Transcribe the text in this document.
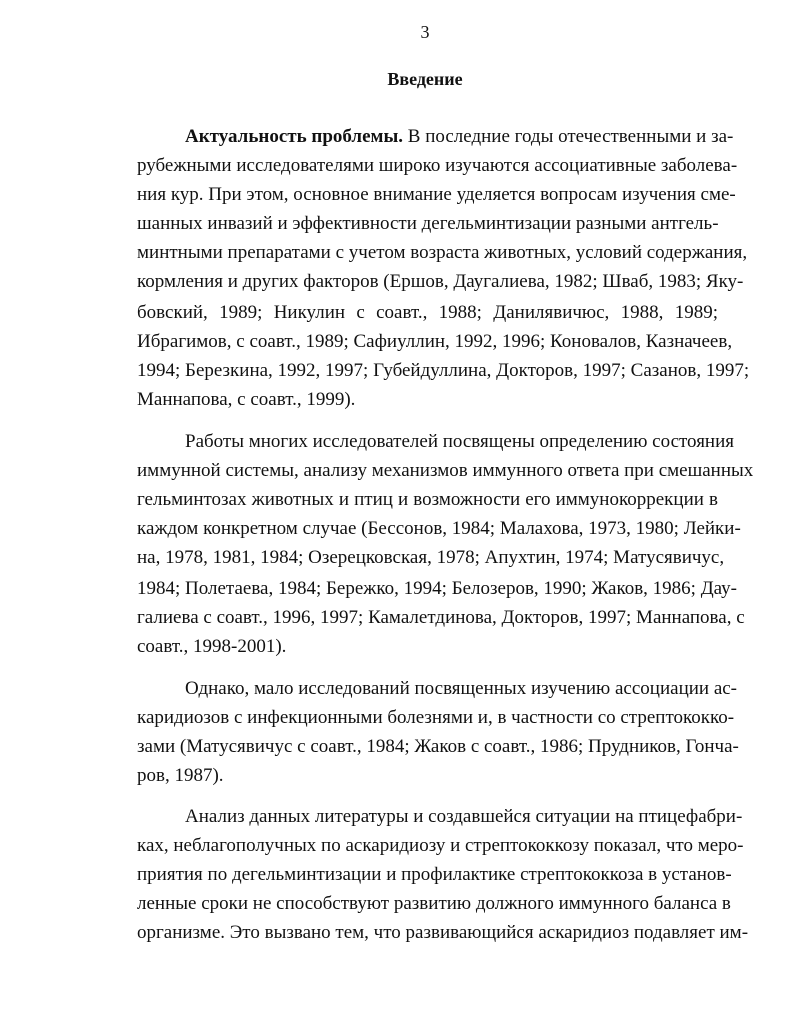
3
Введение
Актуальность проблемы. В последние годы отечественными и за-
рубежными исследователями широко изучаются ассоциативные заболева-
ния кур. При этом, основное внимание уделяется вопросам изучения сме-
шанных инвазий и эффективности дегельминтизации разными антгель-
минтными препаратами с учетом возраста животных, условий содержания,
кормления и других факторов (Ершов, Даугалиева, 1982; Шваб, 1983; Яку-
бовский, 1989; Никулин с соавт., 1988; Данилявичюс, 1988, 1989;
Ибрагимов, с соавт., 1989; Сафиуллин, 1992, 1996; Коновалов, Казначеев,
1994; Березкина, 1992, 1997; Губейдуллина, Докторов, 1997; Сазанов, 1997;
Маннапова, с соавт., 1999).
Работы многих исследователей посвящены определению состояния
иммунной системы, анализу механизмов иммунного ответа при смешанных
гельминтозах животных и птиц и возможности его иммунокоррекции в
каждом конкретном случае (Бессонов, 1984; Малахова, 1973, 1980; Лейки-
на, 1978, 1981, 1984; Озерецковская, 1978; Апухтин, 1974; Матусявичус,
1984; Полетаева, 1984; Бережко, 1994; Белозеров, 1990; Жаков, 1986; Дау-
галиева с соавт., 1996, 1997; Камалетдинова, Докторов, 1997; Маннапова, с
соавт., 1998-2001).
Однако, мало исследований посвященных изучению ассоциации ас-
каридиозов с инфекционными болезнями и, в частности со стрептококко-
зами (Матусявичус с соавт., 1984; Жаков с соавт., 1986; Прудников, Гонча-
ров, 1987).
Анализ данных литературы и создавшейся ситуации на птицефабри-
ках, неблагополучных по аскаридиозу и стрептококкозу показал, что меро-
приятия по дегельминтизации и профилактике стрептококкоза в установ-
ленные сроки не способствуют развитию должного иммунного баланса в
организме. Это вызвано тем, что развивающийся аскаридиоз подавляет им-
